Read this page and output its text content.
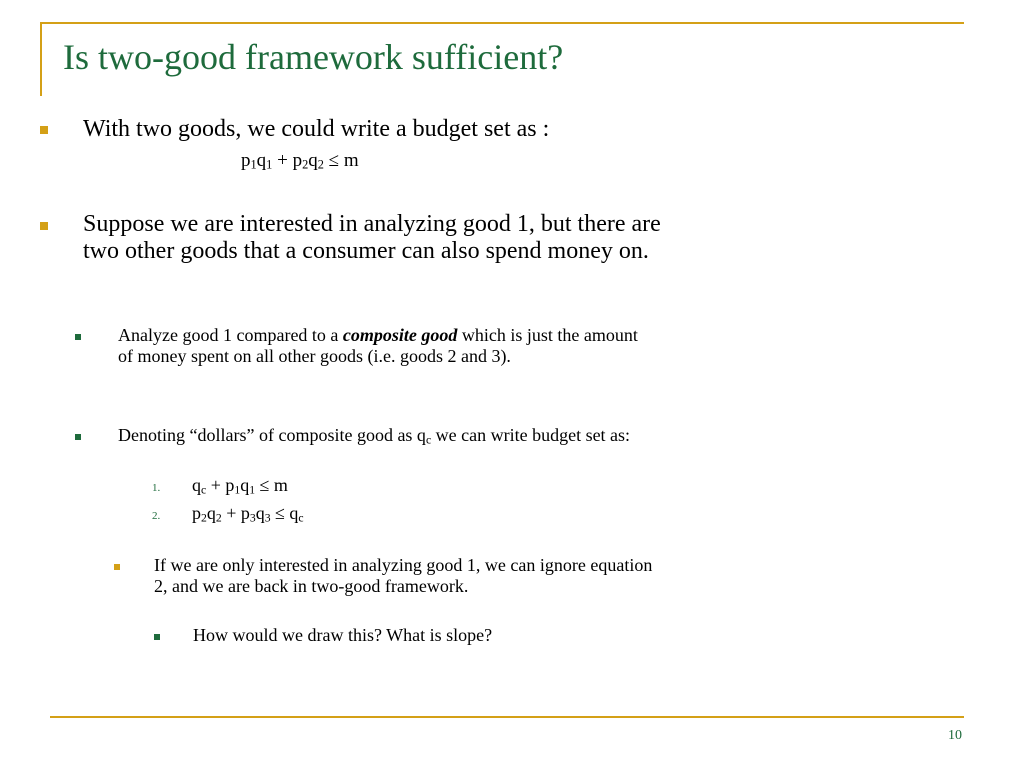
Is two-good framework sufficient?
With two goods, we could write a budget set as :
$p_1q_1 + p_2q_2 \le m$
Suppose we are interested in analyzing good 1, but there are two other goods that a consumer can also spend money on.
Analyze good 1 compared to a composite good which is just the amount of money spent on all other goods (i.e. goods 2 and 3).
Denoting “dollars” of composite good as $q_c$ we can write budget set as:
1. $q_c + p_1q_1 \le m$
2. $p_2q_2 + p_3q_3 \le q_c$
If we are only interested in analyzing good 1, we can ignore equation 2, and we are back in two-good framework.
How would we draw this? What is slope?
10
